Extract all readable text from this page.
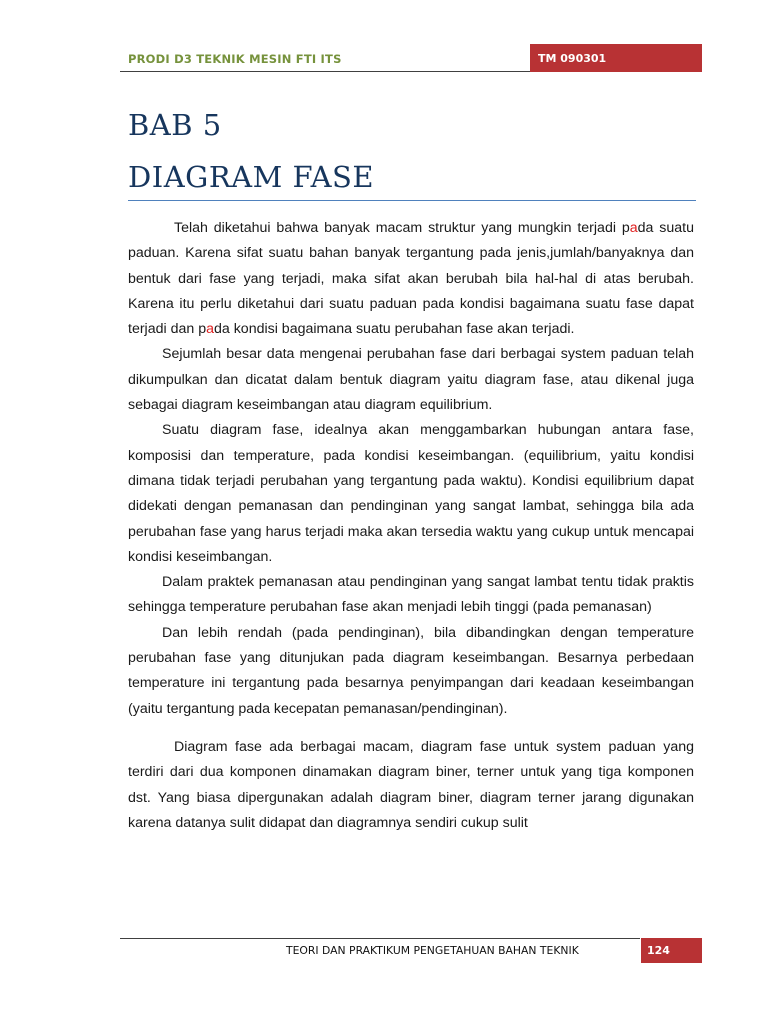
PRODI D3 TEKNIK MESIN FTI ITS	TM 090301
BAB 5
DIAGRAM FASE

Telah diketahui bahwa banyak macam struktur yang mungkin terjadi pada suatu paduan. Karena sifat suatu bahan banyak tergantung pada jenis,jumlah/banyaknya dan bentuk dari fase yang terjadi, maka sifat akan berubah bila hal-hal di atas berubah. Karena itu perlu diketahui dari suatu paduan pada kondisi bagaimana suatu fase dapat terjadi dan pada kondisi bagaimana suatu perubahan fase akan terjadi.

Sejumlah besar data mengenai perubahan fase dari berbagai system paduan telah dikumpulkan dan dicatat dalam bentuk diagram yaitu diagram fase, atau dikenal juga sebagai diagram keseimbangan atau diagram equilibrium.

Suatu diagram fase, idealnya akan menggambarkan hubungan antara fase, komposisi dan temperature, pada kondisi keseimbangan. (equilibrium, yaitu kondisi dimana tidak terjadi perubahan yang tergantung pada waktu). Kondisi equilibrium dapat didekati dengan pemanasan dan pendinginan yang sangat lambat, sehingga bila ada perubahan fase yang harus terjadi maka akan tersedia waktu yang cukup untuk mencapai kondisi keseimbangan.

Dalam praktek pemanasan atau pendinginan yang sangat lambat tentu tidak praktis sehingga temperature perubahan fase akan menjadi lebih tinggi (pada pemanasan)

Dan lebih rendah (pada pendinginan), bila dibandingkan dengan temperature perubahan fase yang ditunjukan pada diagram keseimbangan. Besarnya perbedaan temperature ini tergantung pada besarnya penyimpangan dari keadaan keseimbangan (yaitu tergantung pada kecepatan pemanasan/pendinginan).

Diagram fase ada berbagai macam, diagram fase untuk system paduan yang terdiri dari dua komponen dinamakan diagram biner, terner untuk yang tiga komponen dst. Yang biasa dipergunakan adalah diagram biner, diagram terner jarang digunakan karena datanya sulit didapat dan diagramnya sendiri cukup sulit

TEORI DAN PRAKTIKUM PENGETAHUAN BAHAN TEKNIK	124
